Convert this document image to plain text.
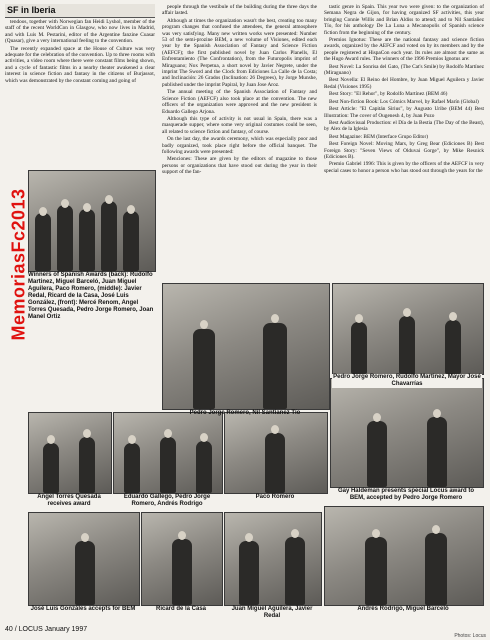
SF in Iberia

tendoos, together with Norwegian fan Heidi Lyshol, member of the staff of the recent WorldCon in Glasgow, who now lives in Madrid, and with Luis M. Pestarini, editor of the Argentine fanzine Cuasar (Quasar), give a very international feeling to the convention.

The recently expanded space at the House of Culture was very adequate for the celebration of the convention. Up to three rooms with activities, a video room where there were constant films being shown, and a cycle of fantastic films in a nearby theater awakened a clear interest in science fiction and fantasy in the citizens of Burjassot, which was demonstrated by the constant coming and going of

people through the vestibule of the building during the three days the affair lasted.

Although at times the organization wasn't the best, creating too many program changes that confused the attendees, the general atmosphere was very satisfying. Many new written works were presented: Number 53 of the semi-prozine BEM, a new volume of Visiones, edited each year by the Spanish Association of Fantasy and Science Fiction (AEFCF); the first published novel by Juan Carlos Planells, El Enfrentamiento (The Confrontation), from the Futuropolis imprint of Miraguano; Nox Perpetua, a short novel by Javier Negrete, under the imprint The Sword and the Clock from Ediciones La Calle de la Costa; and Inclinación: 26 Grados (Inclination: 26 Degrees), by Jorge Munshe, published under the imprint Papiral, by Juan Jose Aroz.

The annual meeting of the Spanish Association of Fantasy and Science Fiction (AEFCF) also took place at the convention. The new officers of the organization were approved and the new president is Eduardo Gallego Arjona.

Although this type of activity is not usual in Spain, there was a masquerade supper, where some very original costumes could be seen, all related to science fiction and fantasy, of course.

On the last day, the awards ceremony, which was especially poor and badly organized, took place right before the official banquet. The following awards were presented:

Menciones: These are given by the editors of magazine to those persons or organizations that have stood out during the year in their support of the fan-

tastic genre in Spain. This year two were given: to the organization of Semana Negra de Gijon, for having organized SF activities, this year bringing Connie Willis and Brian Aldiss to attend; and to Nil Santiañez Tío, for his anthology De La Luna a Mecanopolis of Spanish science fiction from the beginning of the century.

Premios Ignotus: These are the national fantasy and science fiction awards, organized by the AEFCF and voted on by its members and by the people registered at HispaCon each year. Its rules are almost the same as the Hugo Award rules. The winners of the 1996 Premios Ignotus are:

Best Novel: La Sonrisa del Gato, (The Cat's Smile) by Rodolfo Martínez (Miraguano)

Best Novella: El Reino del Hombre, by Juan Miguel Aguilera y Javier Redal (Visiones 1995)

Best Story: "El Rehor", by Rodolfo Martínez (BEM 46)

Best Non-fiction Book: Los Cómics Marvel, by Rafael Marín (Global)

Best Article: "El Capitán Sirius", by Augusto Uribe (BEM 44) Best Illustration: The cover of Ougenesh 4, by Juan Pozo

Best Audiovisual Production: el Día de la Bestia (The Day of the Beast), by Alex de la Iglesia

Best Magazine: BEM (Interface Grupo Editor)

Best Foreign Novel: Moving Mars, by Greg Bear (Ediciones B) Best Foreign Story: "Seven Views of Olduvai Gorge", by Mike Resnick (Ediciones B).

Premio Gabriel 1996: This is given by the officers of the AEFCF in very special cases to honor a person who has stood out through the years for the

Winners of Spanish Awards (back): Rudolfo Martinez, Miguel Barceló, Juan Miguel Aguilera, Paco Romero, (middle): Javier Redal, Ricard de la Casa, José Luis González, (front): Mercé Renom, Angel Torres Quesada, Pedro Jorge Romero, Joan Manel Ortiz
Pedro Jorge Romero, Nil Santianez Tío
Pedro Jorge Romero, Rudolfo Martinez, Mayor José Chavarrías
Angel Torres Quesada receives award
Eduardo Gallego, Pedro Jorge Romero, Andrés Rodrigo
Paco Romero
Gay Haldeman presents special Locus award to BEM, accepted by Pedro Jorge Romero
José Luis Gonzáles accepts for BEM	Ricard de la Casa	Juan Miguel Aguilera, Javier Redal
Andrés Rodrigo, Miguel Barceló
MemoriasFc2013
40 / LOCUS January 1997
Photos: Locus
